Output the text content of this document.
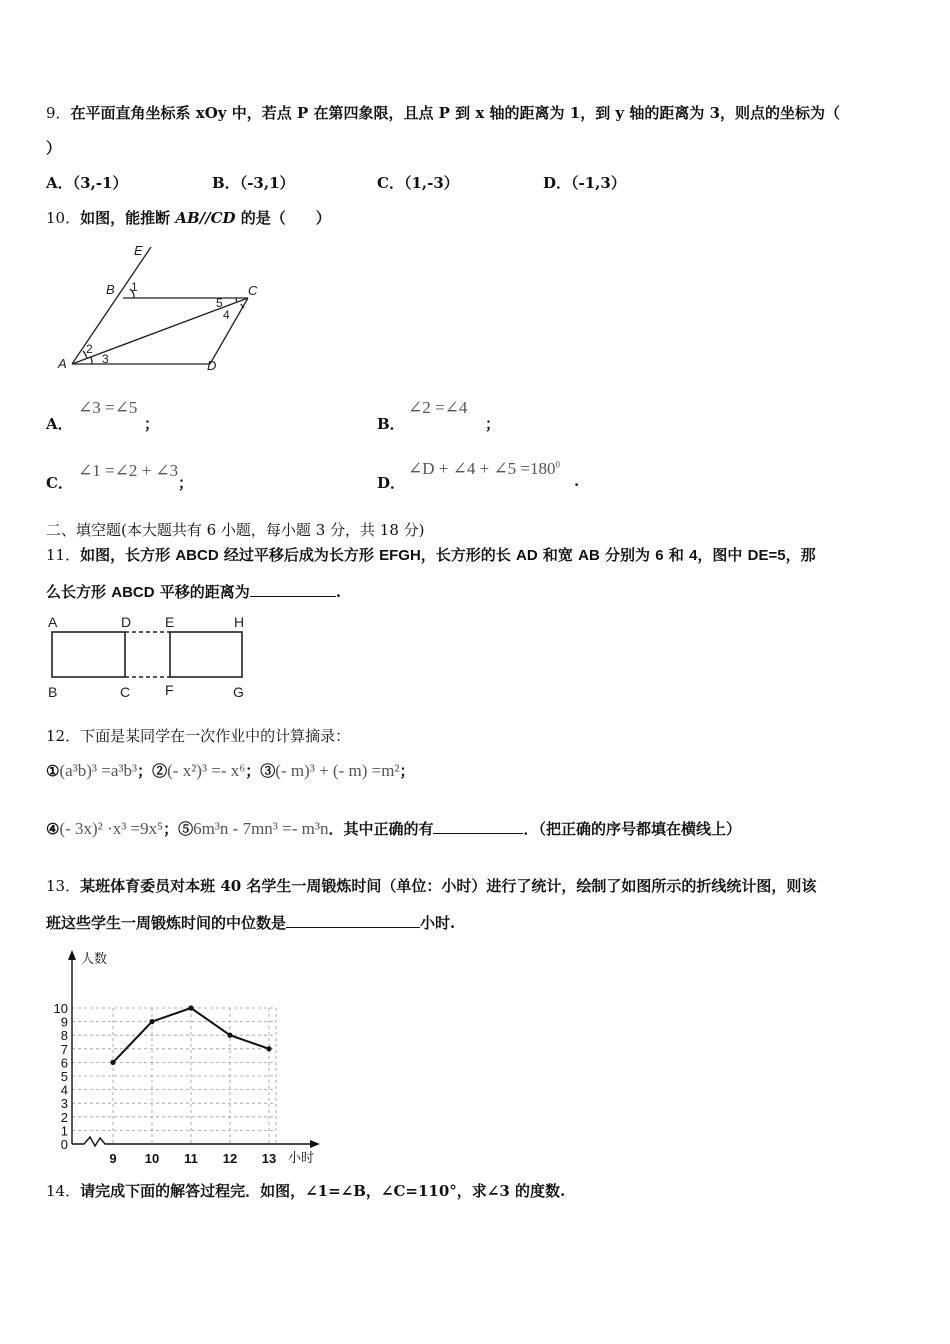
9．在平面直角坐标系 xOy 中，若点 P 在第四象限，且点 P 到 x 轴的距离为 1，到 y 轴的距离为 3，则点的坐标为（
）
A．（3,-1）	B．（-3,1）	C．（1,-3）	D．（-1,3）
10．如图，能推断 AB//CD 的是（　　）
E
B	C
A	D
1
2
3
4
5
A．
∠3 =∠5
；	B．
∠2 =∠4
；
C．
∠1 =∠2 + ∠3
；	D．
∠D + ∠4 + ∠5 $=180^0$
.
二、填空题(本大题共有 6 小题，每小题 3 分，共 18 分)
11．如图，长方形 ABCD 经过平移后成为长方形 EFGH，长方形的长 AD 和宽 AB 分别为 6 和 4，图中 DE=5，那
么长方形 ABCD 平移的距离为	.
A	D E	H
B	C F	G
12．下面是某同学在一次作业中的计算摘录：
①(a³b)³ =a³b³；②(- x²)³ =- x⁶；③(- m)³ + (- m) =m²；
④(- 3x)² ·x³ =9x⁵；⑤6m³n - 7mn³ =- m³n．其中正确的有	．（把正确的序号都填在横线上）
13．某班体育委员对本班 40 名学生一周锻炼时间（单位：小时）进行了统计，绘制了如图所示的折线统计图，则该
班这些学生一周锻炼时间的中位数是	小时.
人数
小时
0
1
2
3
4
5
6
7
8
9
10
9 10 11 12 13
14．请完成下面的解答过程完．如图，∠1=∠B，∠C=110°，求∠3 的度数.
